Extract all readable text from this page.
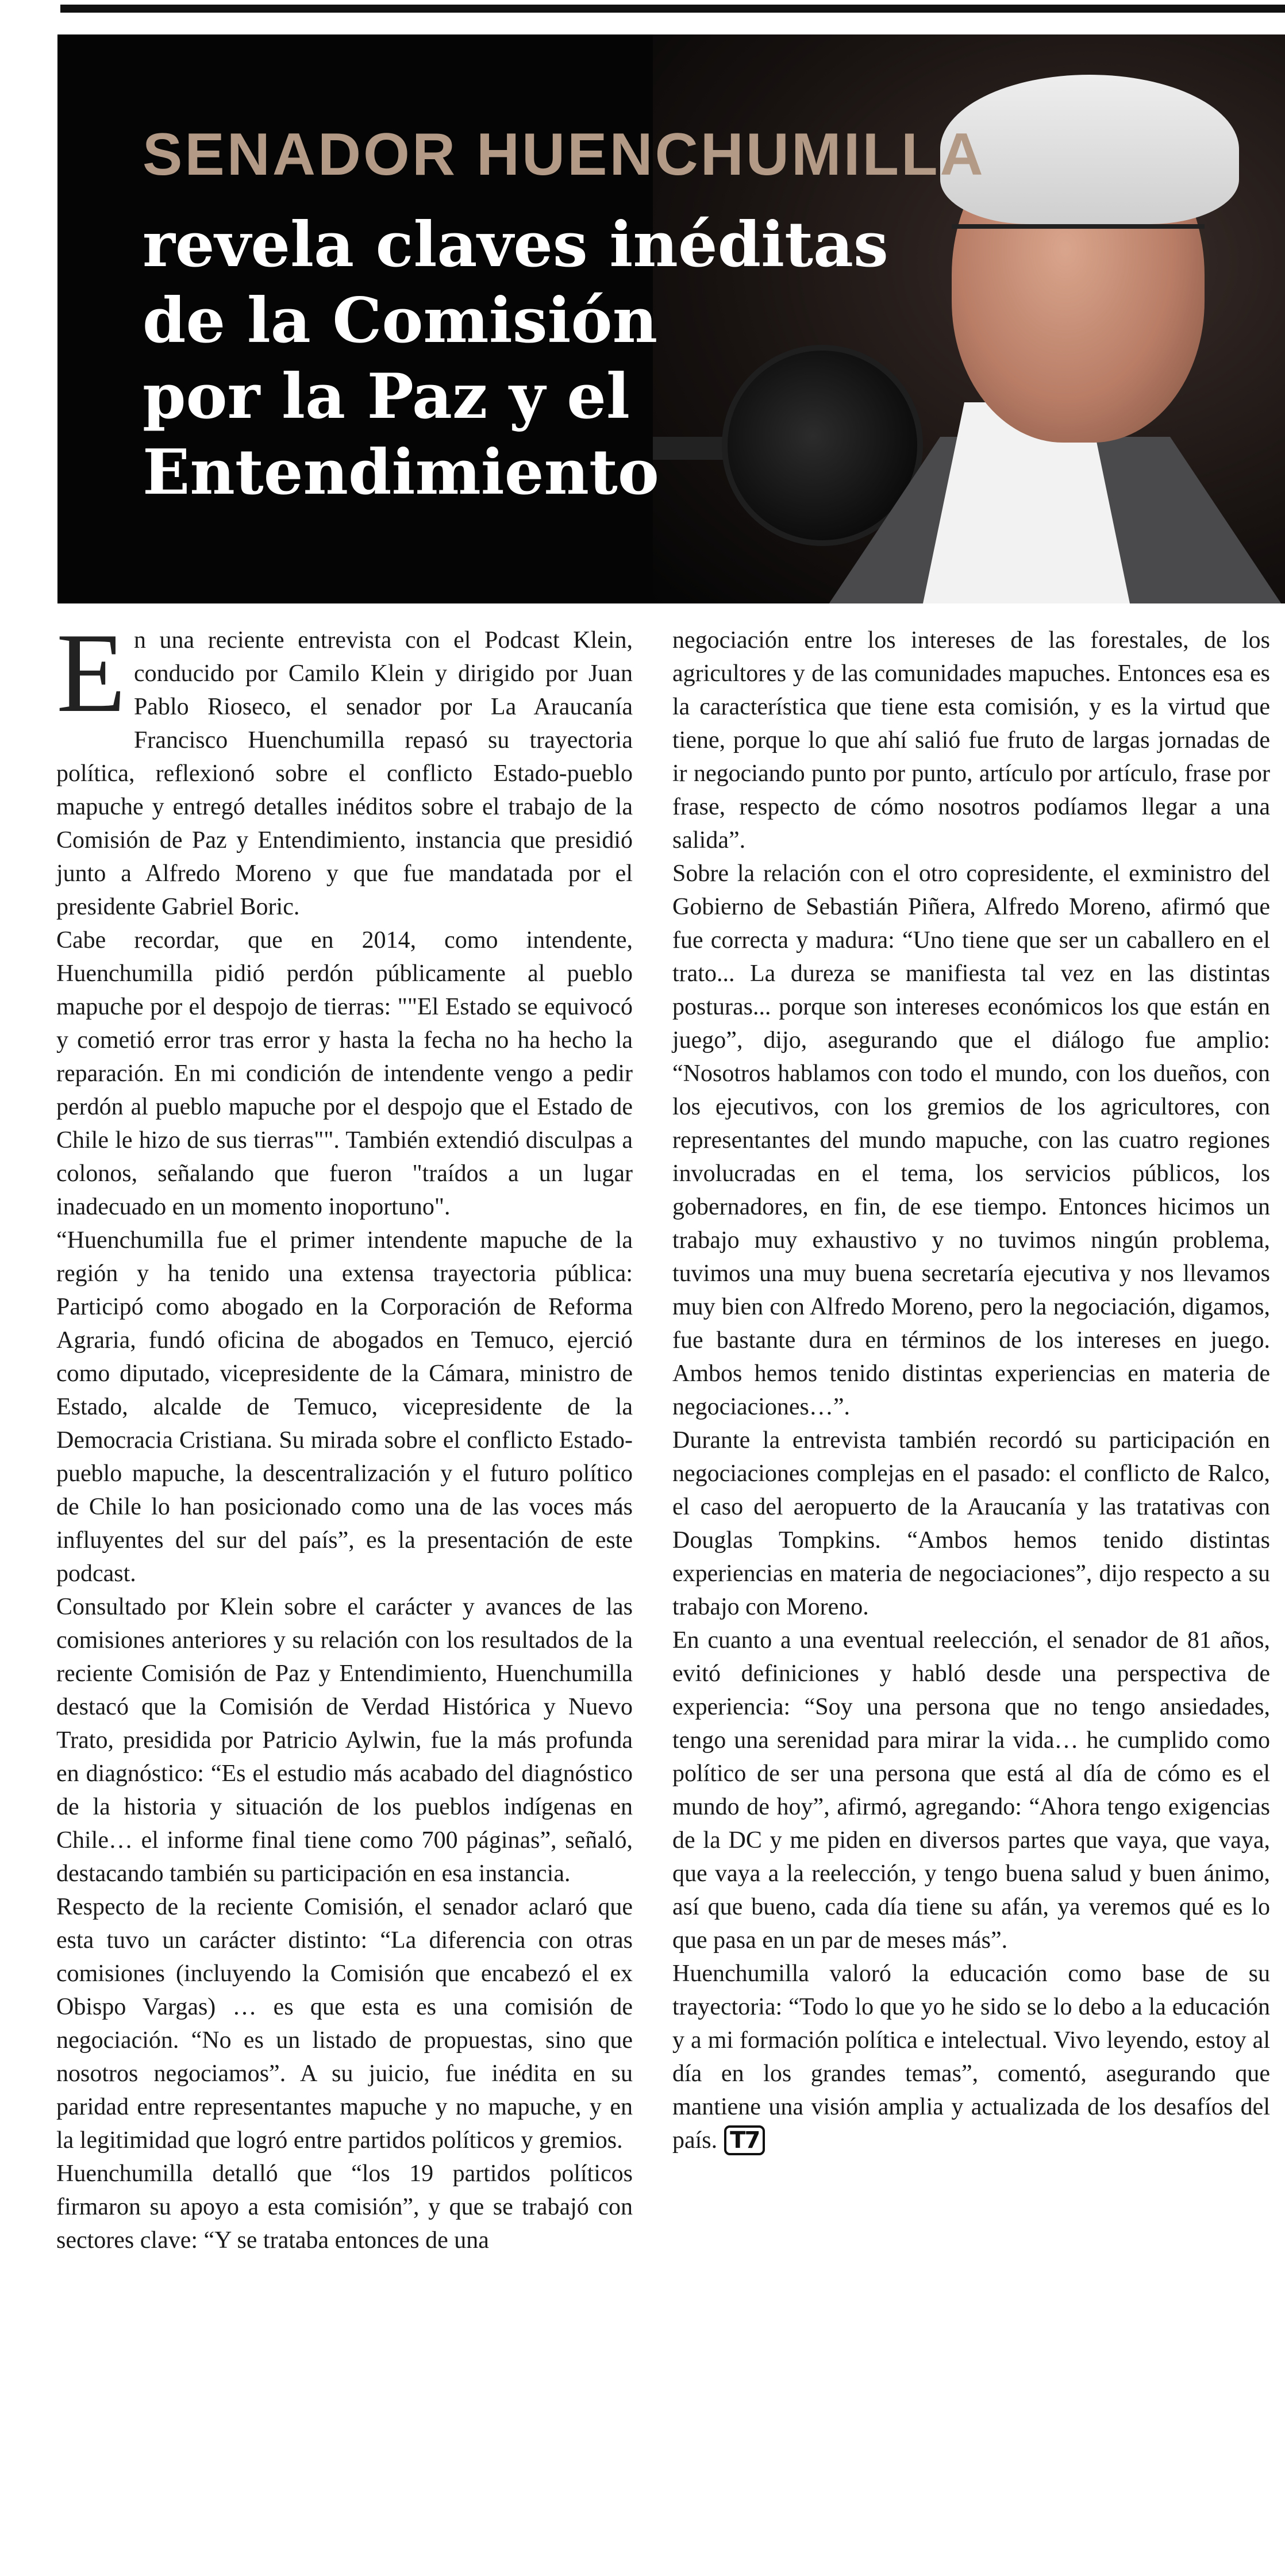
SENADOR HUENCHUMILLA
revela claves inéditas
de la Comisión
por la Paz y el
Entendimiento
E n una reciente entrevista con el Podcast Klein, conducido por Camilo Klein y dirigido por Juan Pablo Rioseco, el senador por La Araucanía Francisco Huenchumilla repasó su trayectoria política, reflexionó sobre el conflicto Estado-pueblo mapuche y entregó detalles inéditos sobre el trabajo de la Comisión de Paz y Entendimiento, instancia que presidió junto a Alfredo Moreno y que fue mandatada por el presidente Gabriel Boric.

Cabe recordar, que en 2014, como intendente, Huenchumilla pidió perdón públicamente al pueblo mapuche por el despojo de tierras: ""El Estado se equivocó y cometió error tras error y hasta la fecha no ha hecho la reparación. En mi condición de intendente vengo a pedir perdón al pueblo mapuche por el despojo que el Estado de Chile le hizo de sus tierras"". También extendió disculpas a colonos, señalando que fueron "traídos a un lugar inadecuado en un momento inoportuno".

“Huenchumilla fue el primer intendente mapuche de la región y ha tenido una extensa trayectoria pública: Participó como abogado en la Corporación de Reforma Agraria, fundó oficina de abogados en Temuco, ejerció como diputado, vicepresidente de la Cámara, ministro de Estado, alcalde de Temuco, vicepresidente de la Democracia Cristiana. Su mirada sobre el conflicto Estado-pueblo mapuche, la descentralización y el futuro político de Chile lo han posicionado como una de las voces más influyentes del sur del país”, es la presentación de este podcast.

Consultado por Klein sobre el carácter y avances de las comisiones anteriores y su relación con los resultados de la reciente Comisión de Paz y Entendimiento, Huenchumilla destacó que la Comisión de Verdad Histórica y Nuevo Trato, presidida por Patricio Aylwin, fue la más profunda en diagnóstico: “Es el estudio más acabado del diagnóstico de la historia y situación de los pueblos indígenas en Chile… el informe final tiene como 700 páginas”, señaló, destacando también su participación en esa instancia.

Respecto de la reciente Comisión, el senador aclaró que esta tuvo un carácter distinto: “La diferencia con otras comisiones (incluyendo la Comisión que encabezó el ex Obispo Vargas) … es que esta es una comisión de negociación. “No es un listado de propuestas, sino que nosotros negociamos”. A su juicio, fue inédita en su paridad entre representantes mapuche y no mapuche, y en la legitimidad que logró entre partidos políticos y gremios.

Huenchumilla detalló que “los 19 partidos políticos firmaron su apoyo a esta comisión”, y que se trabajó con sectores clave: “Y se trataba entonces de una

negociación entre los intereses de las forestales, de los agricultores y de las comunidades mapuches. Entonces esa es la característica que tiene esta comisión, y es la virtud que tiene, porque lo que ahí salió fue fruto de largas jornadas de ir negociando punto por punto, artículo por artículo, frase por frase, respecto de cómo nosotros podíamos llegar a una salida”.

Sobre la relación con el otro copresidente, el exministro del Gobierno de Sebastián Piñera, Alfredo Moreno, afirmó que fue correcta y madura: “Uno tiene que ser un caballero en el trato... La dureza se manifiesta tal vez en las distintas posturas... porque son intereses económicos los que están en juego”, dijo, asegurando que el diálogo fue amplio: “Nosotros hablamos con todo el mundo, con los dueños, con los ejecutivos, con los gremios de los agricultores, con representantes del mundo mapuche, con las cuatro regiones involucradas en el tema, los servicios públicos, los gobernadores, en fin, de ese tiempo. Entonces hicimos un trabajo muy exhaustivo y no tuvimos ningún problema, tuvimos una muy buena secretaría ejecutiva y nos llevamos muy bien con Alfredo Moreno, pero la negociación, digamos, fue bastante dura en términos de los intereses en juego. Ambos hemos tenido distintas experiencias en materia de negociaciones…”.

Durante la entrevista también recordó su participación en negociaciones complejas en el pasado: el conflicto de Ralco, el caso del aeropuerto de la Araucanía y las tratativas con Douglas Tompkins. “Ambos hemos tenido distintas experiencias en materia de negociaciones”, dijo respecto a su trabajo con Moreno.

En cuanto a una eventual reelección, el senador de 81 años, evitó definiciones y habló desde una perspectiva de experiencia: “Soy una persona que no tengo ansiedades, tengo una serenidad para mirar la vida… he cumplido como político de ser una persona que está al día de cómo es el mundo de hoy”, afirmó, agregando: “Ahora tengo exigencias de la DC y me piden en diversos partes que vaya, que vaya, que vaya a la reelección, y tengo buena salud y buen ánimo, así que bueno, cada día tiene su afán, ya veremos qué es lo que pasa en un par de meses más”.

Huenchumilla valoró la educación como base de su trayectoria: “Todo lo que yo he sido se lo debo a la educación y a mi formación política e intelectual. Vivo leyendo, estoy al día en los grandes temas”, comentó, asegurando que mantiene una visión amplia y actualizada de los desafíos del país. T7
